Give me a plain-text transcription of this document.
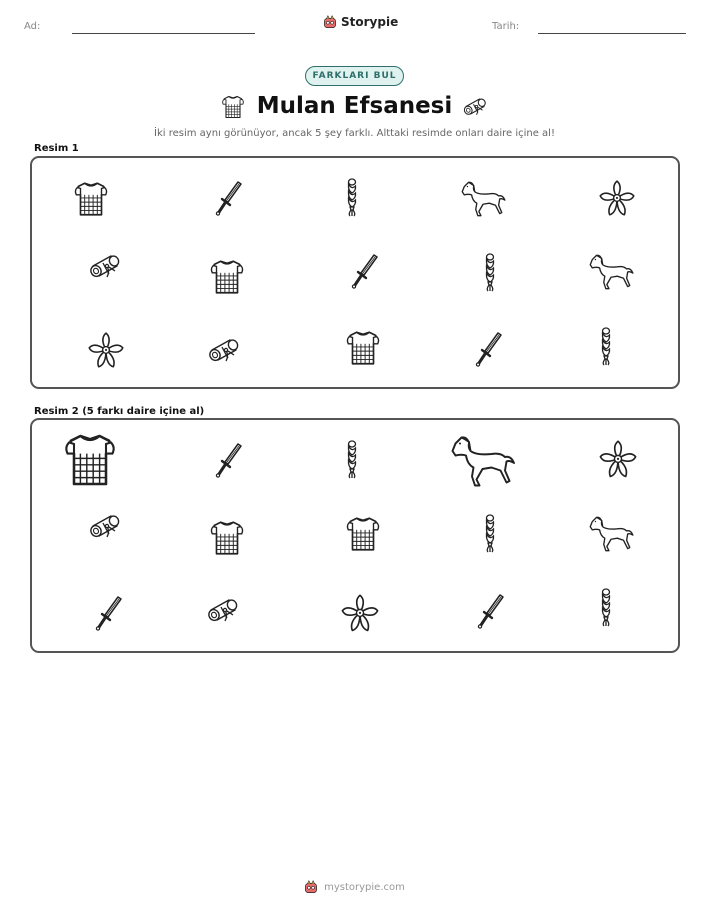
Ad:	Storypie	Tarih:
FARKLARI BUL
Mulan Efsanesi
İki resim aynı görünüyor, ancak 5 şey farklı. Alttaki resimde onları daire içine al!
Resim 1
Resim 2 (5 farkı daire içine al)
mystorypie.com
